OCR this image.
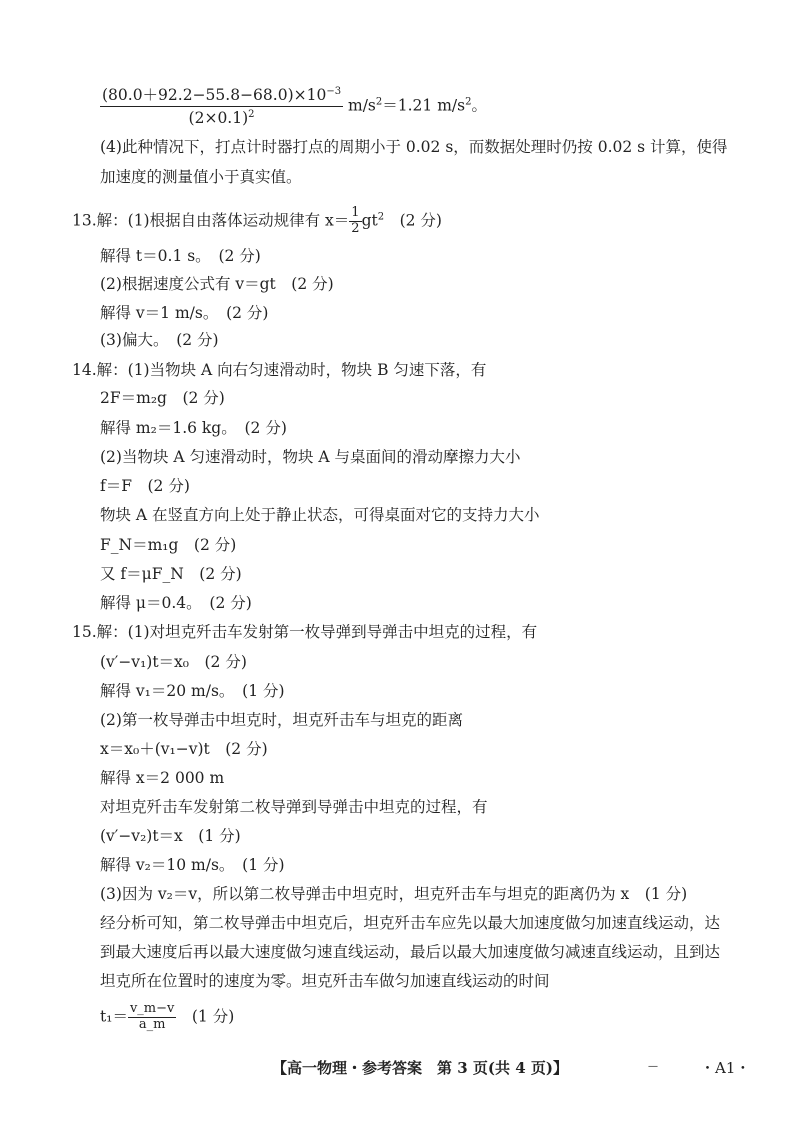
$\frac{(80.0+92.2-55.8-68.0)\times 10^{-3}}{(2\times 0.1)^2} m/s^2=1.21$ $m/s^2$。
(4)此种情况下，打点计时器打点的周期小于 0.02 s，而数据处理时仍按 0.02 s 计算，使得
加速度的测量值小于真实值。
13.解：(1)根据自由落体运动规律有 $x= \frac{1}{2} gt^2$　(2 分)
解得 t＝0.1 s。　(2 分)
(2)根据速度公式有 v＝gt　(2 分)
解得 v＝1 m/s。　(2 分)
(3)偏大。　(2 分)
14.解：(1)当物块 A 向右匀速滑动时，物块 B 匀速下落，有
2F＝m₂g　(2 分)
解得 m₂＝1.6 kg。　(2 分)
(2)当物块 A 匀速滑动时，物块 A 与桌面间的滑动摩擦力大小
f＝F　(2 分)
物块 A 在竖直方向上处于静止状态，可得桌面对它的支持力大小
F_N＝m₁g　(2 分)
又 f＝μF_N　(2 分)
解得 μ＝0.4。　(2 分)
15.解：(1)对坦克歼击车发射第一枚导弹到导弹击中坦克的过程，有
(v′−v₁)t＝x₀　(2 分)
解得 v₁＝20 m/s。　(1 分)
(2)第一枚导弹击中坦克时，坦克歼击车与坦克的距离
x＝x₀＋(v₁−v)t　(2 分)
解得 x＝2 000 m
对坦克歼击车发射第二枚导弹到导弹击中坦克的过程，有
(v′−v₂)t＝x　(1 分)
解得 v₂＝10 m/s。　(1 分)
(3)因为 v₂＝v，所以第二枚导弹击中坦克时，坦克歼击车与坦克的距离仍为 x　(1 分)
经分析可知，第二枚导弹击中坦克后，坦克歼击车应先以最大加速度做匀加速直线运动，达
到最大速度后再以最大速度做匀速直线运动，最后以最大加速度做匀减速直线运动，且到达
坦克所在位置时的速度为零。坦克歼击车做匀加速直线运动的时间
$t_1= \frac{v\_m-v}{a\_m}$ 　(1 分)
【高一物理・参考答案　第 3 页(共 4 页)】	—	・A1・
